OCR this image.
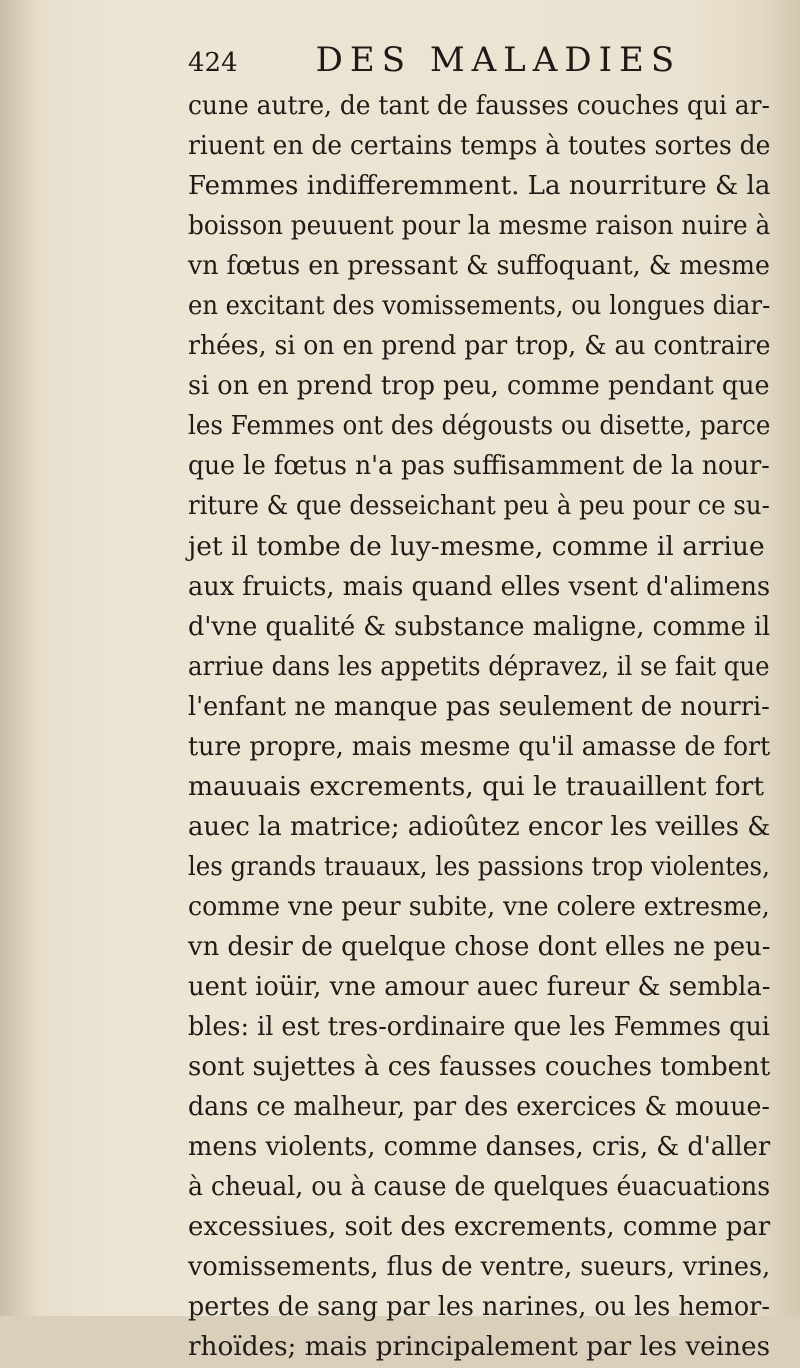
424 DES MALADIES
cune autre, de tant de fausses couches qui ar-
riuent en de certains temps à toutes sortes de
Femmes indifferemment. La nourriture & la
boisson peuuent pour la mesme raison nuire à
vn fœtus en pressant & suffoquant, & mesme
en excitant des vomissements, ou longues diar-
rhées, si on en prend par trop, & au contraire
si on en prend trop peu, comme pendant que
les Femmes ont des dégousts ou disette, parce
que le fœtus n'a pas suffisamment de la nour-
riture & que desseichant peu à peu pour ce su-
jet il tombe de luy-mesme, comme il arriue
aux fruicts, mais quand elles vsent d'alimens
d'vne qualité & substance maligne, comme il
arriue dans les appetits dépravez, il se fait que
l'enfant ne manque pas seulement de nourri-
ture propre, mais mesme qu'il amasse de fort
mauuais excrements, qui le trauaillent fort
auec la matrice; adioûtez encor les veilles &
les grands trauaux, les passions trop violentes,
comme vne peur subite, vne colere extresme,
vn desir de quelque chose dont elles ne peu-
uent ioüir, vne amour auec fureur & sembla-
bles: il est tres-ordinaire que les Femmes qui
sont sujettes à ces fausses couches tombent
dans ce malheur, par des exercices & mouue-
mens violents, comme danses, cris, & d'aller
à cheual, ou à cause de quelques éuacuations
excessiues, soit des excrements, comme par
vomissements, flus de ventre, sueurs, vrines,
pertes de sang par les narines, ou les hemor-
rhoïdes; mais principalement par les veines
